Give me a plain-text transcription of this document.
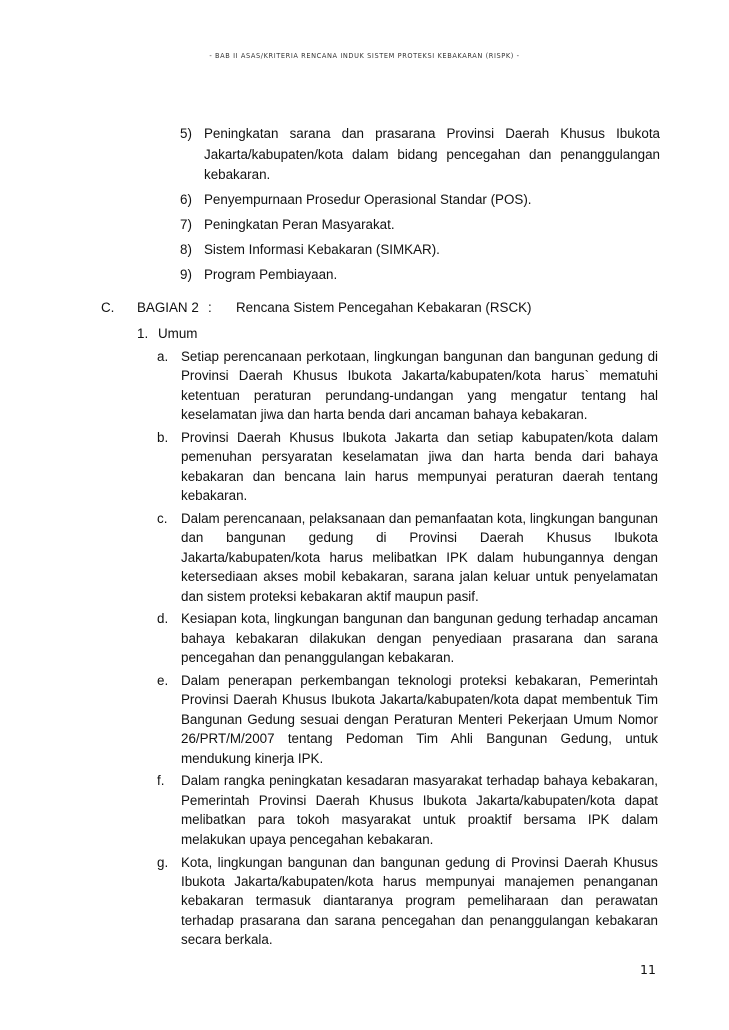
- BAB II ASAS/KRITERIA RENCANA INDUK SISTEM PROTEKSI KEBAKARAN (RISPK) -
5) Peningkatan sarana dan prasarana Provinsi Daerah Khusus Ibukota Jakarta/kabupaten/kota dalam bidang pencegahan dan penanggulangan kebakaran.
6) Penyempurnaan Prosedur Operasional Standar (POS).
7) Peningkatan Peran Masyarakat.
8) Sistem Informasi Kebakaran (SIMKAR).
9) Program Pembiayaan.
C. BAGIAN 2 : Rencana Sistem Pencegahan Kebakaran (RSCK)
1. Umum
a. Setiap perencanaan perkotaan, lingkungan bangunan dan bangunan gedung di Provinsi Daerah Khusus Ibukota Jakarta/kabupaten/kota harus` mematuhi ketentuan peraturan perundang-undangan yang mengatur tentang hal keselamatan jiwa dan harta benda dari ancaman bahaya kebakaran.
b. Provinsi Daerah Khusus Ibukota Jakarta dan setiap kabupaten/kota dalam pemenuhan persyaratan keselamatan jiwa dan harta benda dari bahaya kebakaran dan bencana lain harus mempunyai peraturan daerah tentang kebakaran.
c. Dalam perencanaan, pelaksanaan dan pemanfaatan kota, lingkungan bangunan dan bangunan gedung di Provinsi Daerah Khusus Ibukota Jakarta/kabupaten/kota harus melibatkan IPK dalam hubungannya dengan ketersediaan akses mobil kebakaran, sarana jalan keluar untuk penyelamatan dan sistem proteksi kebakaran aktif maupun pasif.
d. Kesiapan kota, lingkungan bangunan dan bangunan gedung terhadap ancaman bahaya kebakaran dilakukan dengan penyediaan prasarana dan sarana pencegahan dan penanggulangan kebakaran.
e. Dalam penerapan perkembangan teknologi proteksi kebakaran, Pemerintah Provinsi Daerah Khusus Ibukota Jakarta/kabupaten/kota dapat membentuk Tim Bangunan Gedung sesuai dengan Peraturan Menteri Pekerjaan Umum Nomor 26/PRT/M/2007 tentang Pedoman Tim Ahli Bangunan Gedung, untuk mendukung kinerja IPK.
f. Dalam rangka peningkatan kesadaran masyarakat terhadap bahaya kebakaran, Pemerintah Provinsi Daerah Khusus Ibukota Jakarta/kabupaten/kota dapat melibatkan para tokoh masyarakat untuk proaktif bersama IPK dalam melakukan upaya pencegahan kebakaran.
g. Kota, lingkungan bangunan dan bangunan gedung di Provinsi Daerah Khusus Ibukota Jakarta/kabupaten/kota harus mempunyai manajemen penanganan kebakaran termasuk diantaranya program pemeliharaan dan perawatan terhadap prasarana dan sarana pencegahan dan penanggulangan kebakaran secara berkala.
11
